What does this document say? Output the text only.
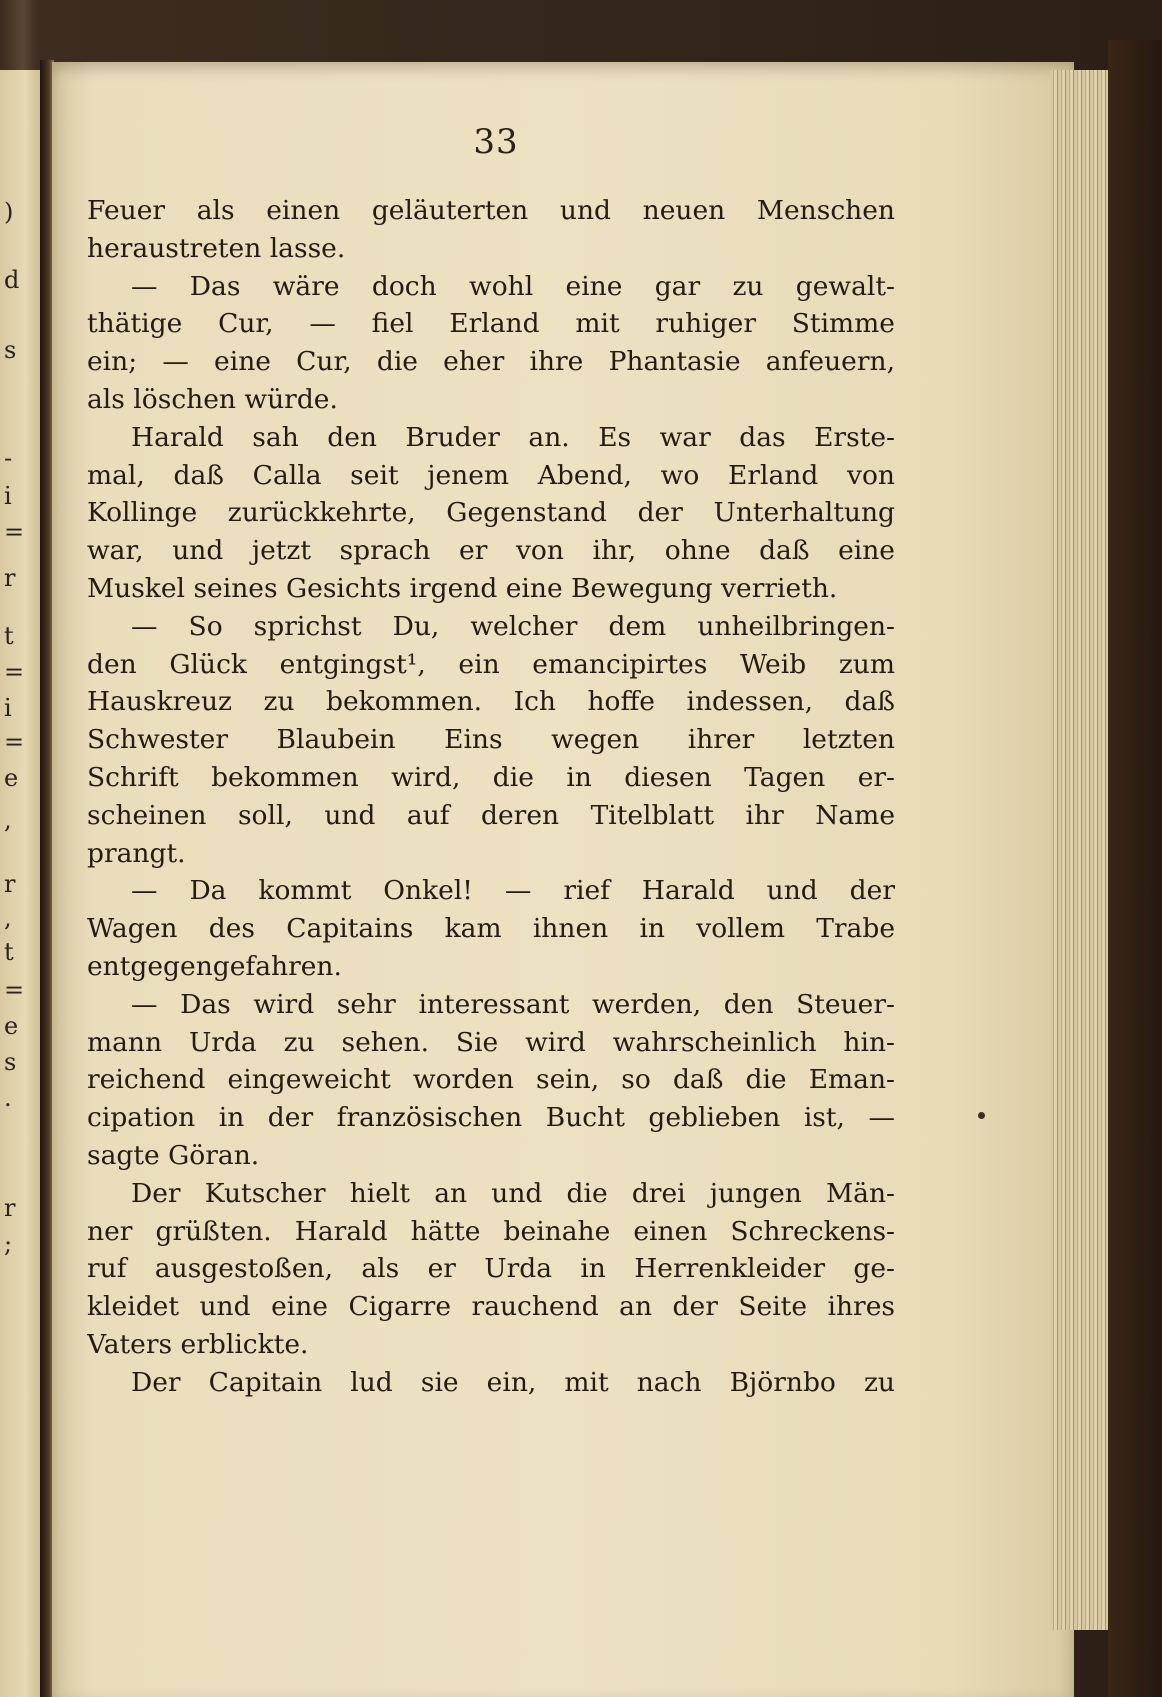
)
d
s
-
i
=
r
t
=
i
=
e
,
r
,
t
=
e
s
.
r
;
33
Feuer als einen geläuterten und neuen Menschen
heraustreten lasse.
— Das wäre doch wohl eine gar zu gewalt-
thätige Cur, — fiel Erland mit ruhiger Stimme
ein; — eine Cur, die eher ihre Phantasie anfeuern,
als löschen würde.
Harald sah den Bruder an. Es war das Erste-
mal, daß Calla seit jenem Abend, wo Erland von
Kollinge zurückkehrte, Gegenstand der Unterhaltung
war, und jetzt sprach er von ihr, ohne daß eine
Muskel seines Gesichts irgend eine Bewegung verrieth.
— So sprichst Du, welcher dem unheilbringen-
den Glück entgingst¹, ein emancipirtes Weib zum
Hauskreuz zu bekommen. Ich hoffe indessen, daß
Schwester Blaubein Eins wegen ihrer letzten
Schrift bekommen wird, die in diesen Tagen er-
scheinen soll, und auf deren Titelblatt ihr Name
prangt.
— Da kommt Onkel! — rief Harald und der
Wagen des Capitains kam ihnen in vollem Trabe
entgegengefahren.
— Das wird sehr interessant werden, den Steuer-
mann Urda zu sehen. Sie wird wahrscheinlich hin-
reichend eingeweicht worden sein, so daß die Eman-
cipation in der französischen Bucht geblieben ist, —
sagte Göran.
Der Kutscher hielt an und die drei jungen Män-
ner grüßten. Harald hätte beinahe einen Schreckens-
ruf ausgestoßen, als er Urda in Herrenkleider ge-
kleidet und eine Cigarre rauchend an der Seite ihres
Vaters erblickte.
Der Capitain lud sie ein, mit nach Björnbo zu
